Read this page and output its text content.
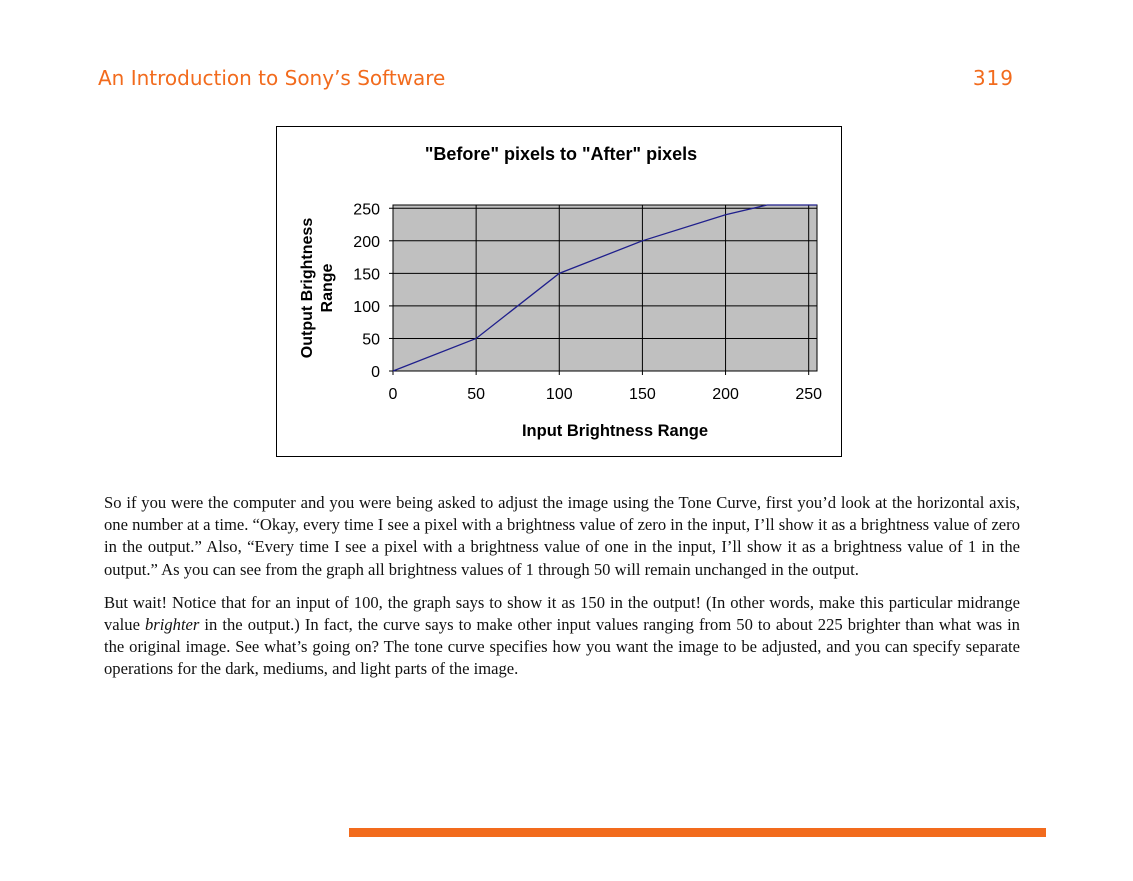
An Introduction to Sony’s Software	319
"Before" pixels to "After" pixels
0	50	100	150	200	250
0
50
100
150
200
250
Input Brightness Range
Output Brightness Range

So if you were the computer and you were being asked to adjust the image using the Tone Curve, first you’d look at the horizontal axis, one number at a time. “Okay, every time I see a pixel with a brightness value of zero in the input, I’ll show it as a brightness value of zero in the output.” Also, “Every time I see a pixel with a brightness value of one in the input, I’ll show it as a brightness value of 1 in the output.” As you can see from the graph all brightness values of 1 through 50 will remain unchanged in the output.

But wait! Notice that for an input of 100, the graph says to show it as 150 in the output! (In other words, make this particular midrange value brighter in the output.) In fact, the curve says to make other input values ranging from 50 to about 225 brighter than what was in the original image. See what’s going on? The tone curve specifies how you want the image to be adjusted, and you can specify separate operations for the dark, mediums, and light parts of the image.
